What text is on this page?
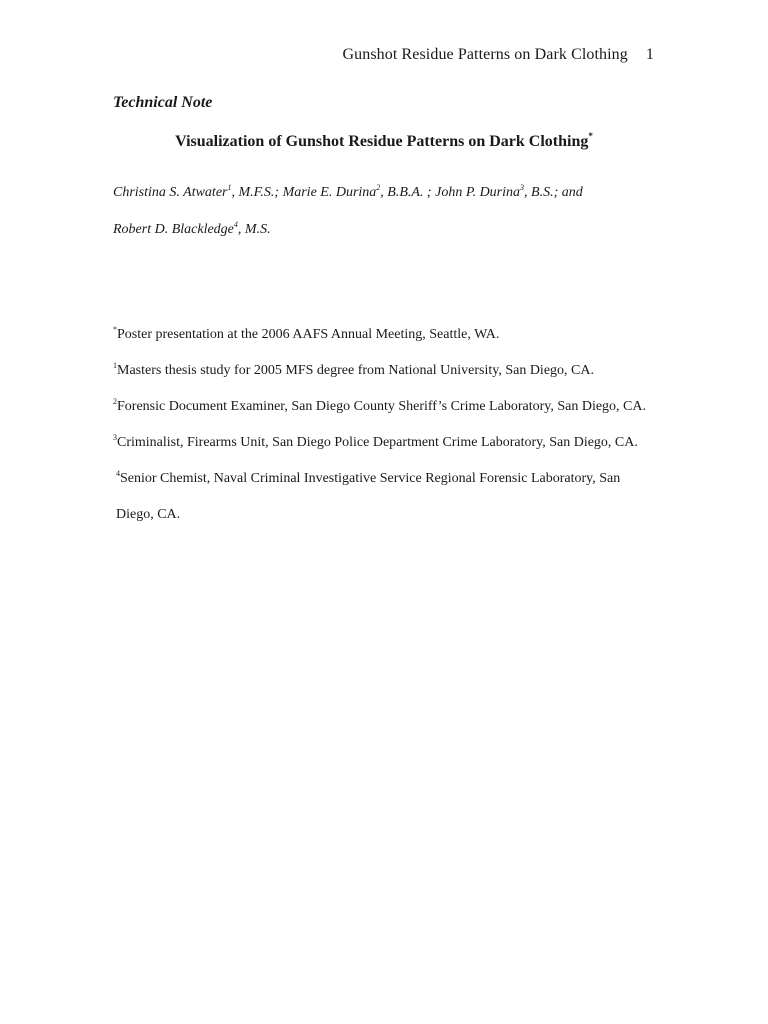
Gunshot Residue Patterns on Dark Clothing 1
Technical Note
Visualization of Gunshot Residue Patterns on Dark Clothing*
Christina S. Atwater$^1$, M.F.S.; Marie E. Durina$^2$, B.B.A. ; John P. Durina$^3$, B.S.; and
Robert D. Blackledge$^4$, M.S.

*Poster presentation at the 2006 AAFS Annual Meeting, Seattle, WA.

$^1$Masters thesis study for 2005 MFS degree from National University, San Diego, CA.

$^2$Forensic Document Examiner, San Diego County Sheriff’s Crime Laboratory, San Diego, CA.

$^3$Criminalist, Firearms Unit, San Diego Police Department Crime Laboratory, San Diego, CA.

$^4$Senior Chemist, Naval Criminal Investigative Service Regional Forensic Laboratory, San Diego, CA.
